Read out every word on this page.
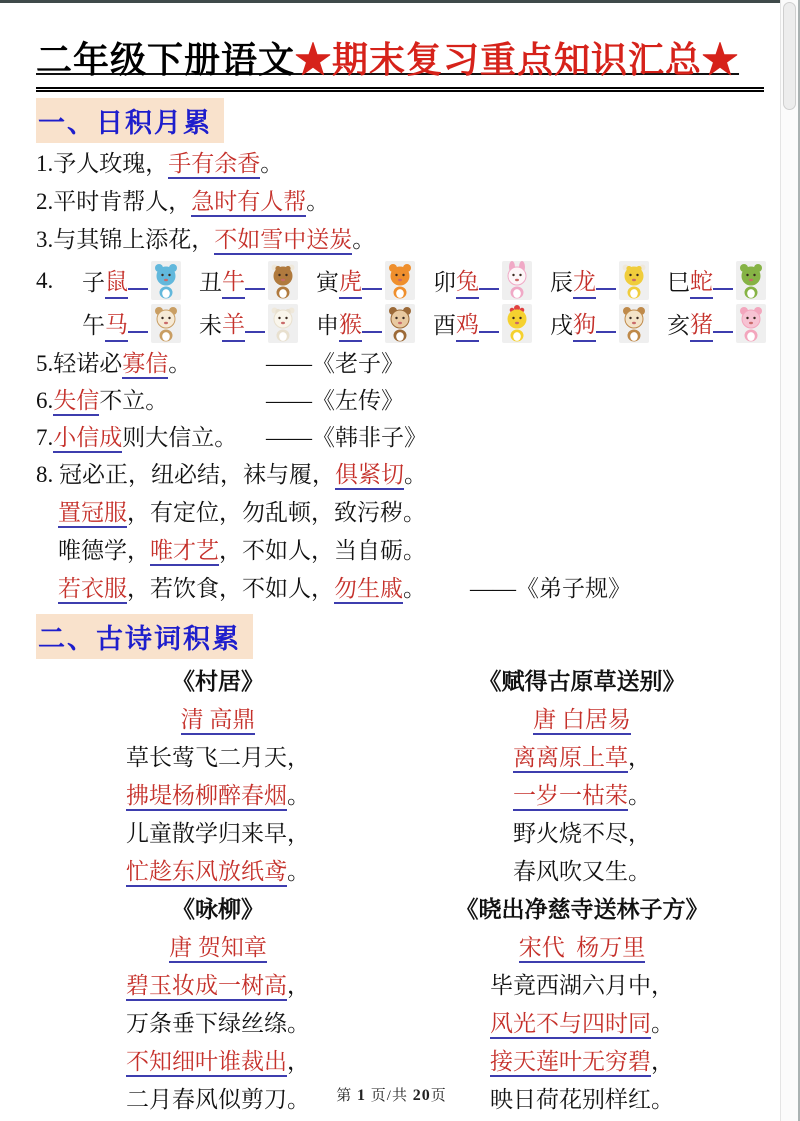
二年级下册语文★期末复习重点知识汇总★
一、日积月累
1.予人玫瑰，手有余香。
2.平时肯帮人，急时有人帮。
3.与其锦上添花，不如雪中送炭。
4.	子 鼠	丑 牛	寅 虎	卯 兔	辰 龙	巳 蛇
午 马	未 羊	申 猴	酉 鸡	戌 狗	亥 猪
5.轻诺必寡信。	——《老子》
6.失信不立。	——《左传》
7.小信成则大信立。	——《韩非子》
8. 冠必正，纽必结，袜与履，俱紧切。
置冠服，有定位，勿乱顿，致污秽。
唯德学，唯才艺，不如人，当自砺。
若衣服，若饮食，不如人，勿生戚。 ——《弟子规》
二、古诗词积累
《村居》
清 高鼎
草长莺飞二月天，
拂堤杨柳醉春烟。
儿童散学归来早，
忙趁东风放纸鸢。
《赋得古原草送别》
唐 白居易
离离原上草，
一岁一枯荣。
野火烧不尽，
春风吹又生。
《咏柳》
唐 贺知章
碧玉妆成一树高，
万条垂下绿丝绦。
不知细叶谁裁出，
二月春风似剪刀。
《晓出净慈寺送林子方》
宋代  杨万里
毕竟西湖六月中，
风光不与四时同。
接天莲叶无穷碧，
映日荷花别样红。
第 1 页/共 20页
